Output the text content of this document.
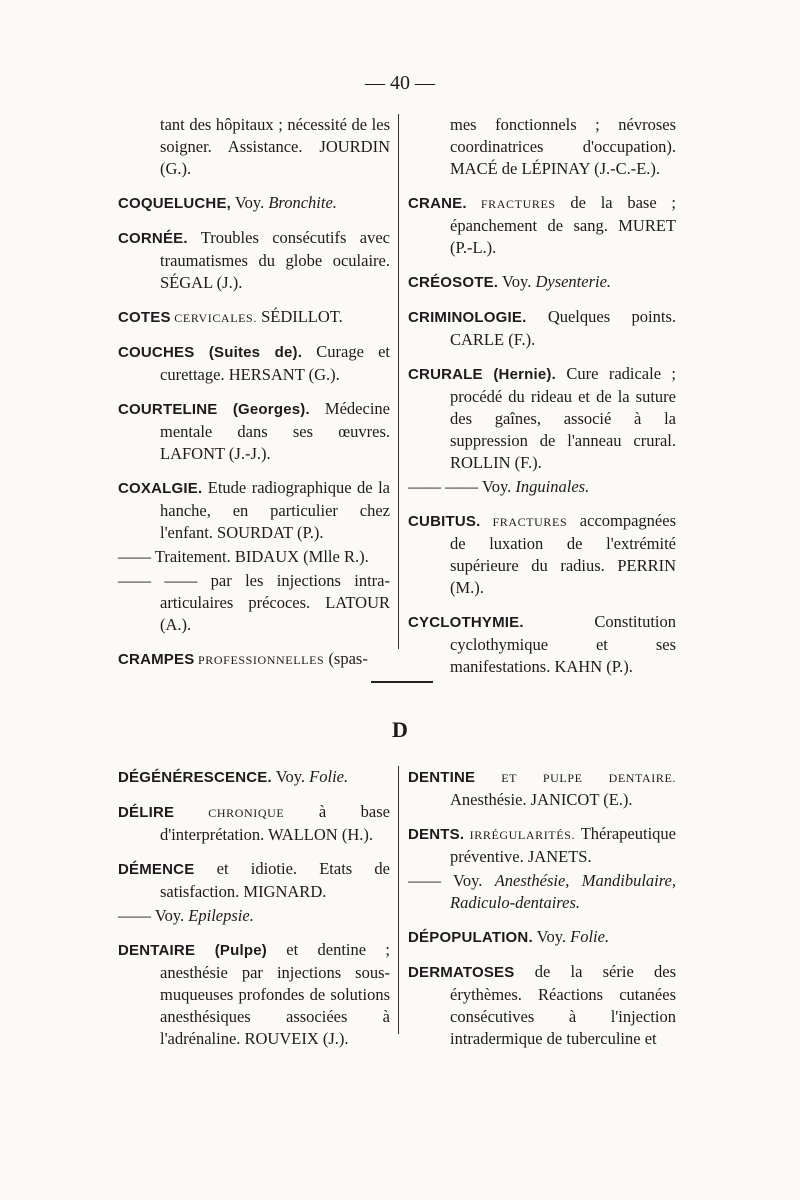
— 40 —

tant des hôpitaux ; nécessité de les soigner. Assistance. JOURDIN (G.).

COQUELUCHE, Voy. Bronchite.

CORNÉE. Troubles consécutifs avec traumatismes du globe oculaire. SÉGAL (J.).

COTES CERVICALES. SÉDILLOT.

COUCHES (Suites de). Curage et curettage. HERSANT (G.).

COURTELINE (Georges). Médecine mentale dans ses œuvres. LAFONT (J.-J.).

COXALGIE. Etude radiographique de la hanche, en particulier chez l'enfant. SOURDAT (P.).

—— Traitement. BIDAUX (Mlle R.).

—— —— par les injections intra-articulaires précoces. LATOUR (A.).

CRAMPES PROFESSIONNELLES (spas-

mes fonctionnels ; névroses coordinatrices d'occupation). MACÉ de LÉPINAY (J.-C.-E.).

CRANE. FRACTURES de la base ; épanchement de sang. MURET (P.-L.).

CRÉOSOTE. Voy. Dysenterie.

CRIMINOLOGIE. Quelques points. CARLE (F.).

CRURALE (Hernie). Cure radicale ; procédé du rideau et de la suture des gaînes, associé à la suppression de l'anneau crural. ROLLIN (F.).

—— —— Voy. Inguinales.

CUBITUS. FRACTURES accompagnées de luxation de l'extrémité supérieure du radius. PERRIN (M.).

CYCLOTHYMIE. Constitution cyclothymique et ses manifestations. KAHN (P.).

D

DÉGÉNÉRESCENCE. Voy. Folie.

DÉLIRE CHRONIQUE à base d'interprétation. WALLON (H.).

DÉMENCE et idiotie. Etats de satisfaction. MIGNARD.

—— Voy. Epilepsie.

DENTAIRE (Pulpe) et dentine ; anesthésie par injections sous-muqueuses profondes de solutions anesthésiques associées à l'adrénaline. ROUVEIX (J.).

DENTINE ET PULPE DENTAIRE. Anesthésie. JANICOT (E.).

DENTS. IRRÉGULARITÉS. Thérapeutique préventive. JANETS.

—— Voy. Anesthésie, Mandibulaire, Radiculo-dentaires.

DÉPOPULATION. Voy. Folie.

DERMATOSES de la série des érythèmes. Réactions cutanées consécutives à l'injection intradermique de tuberculine et
